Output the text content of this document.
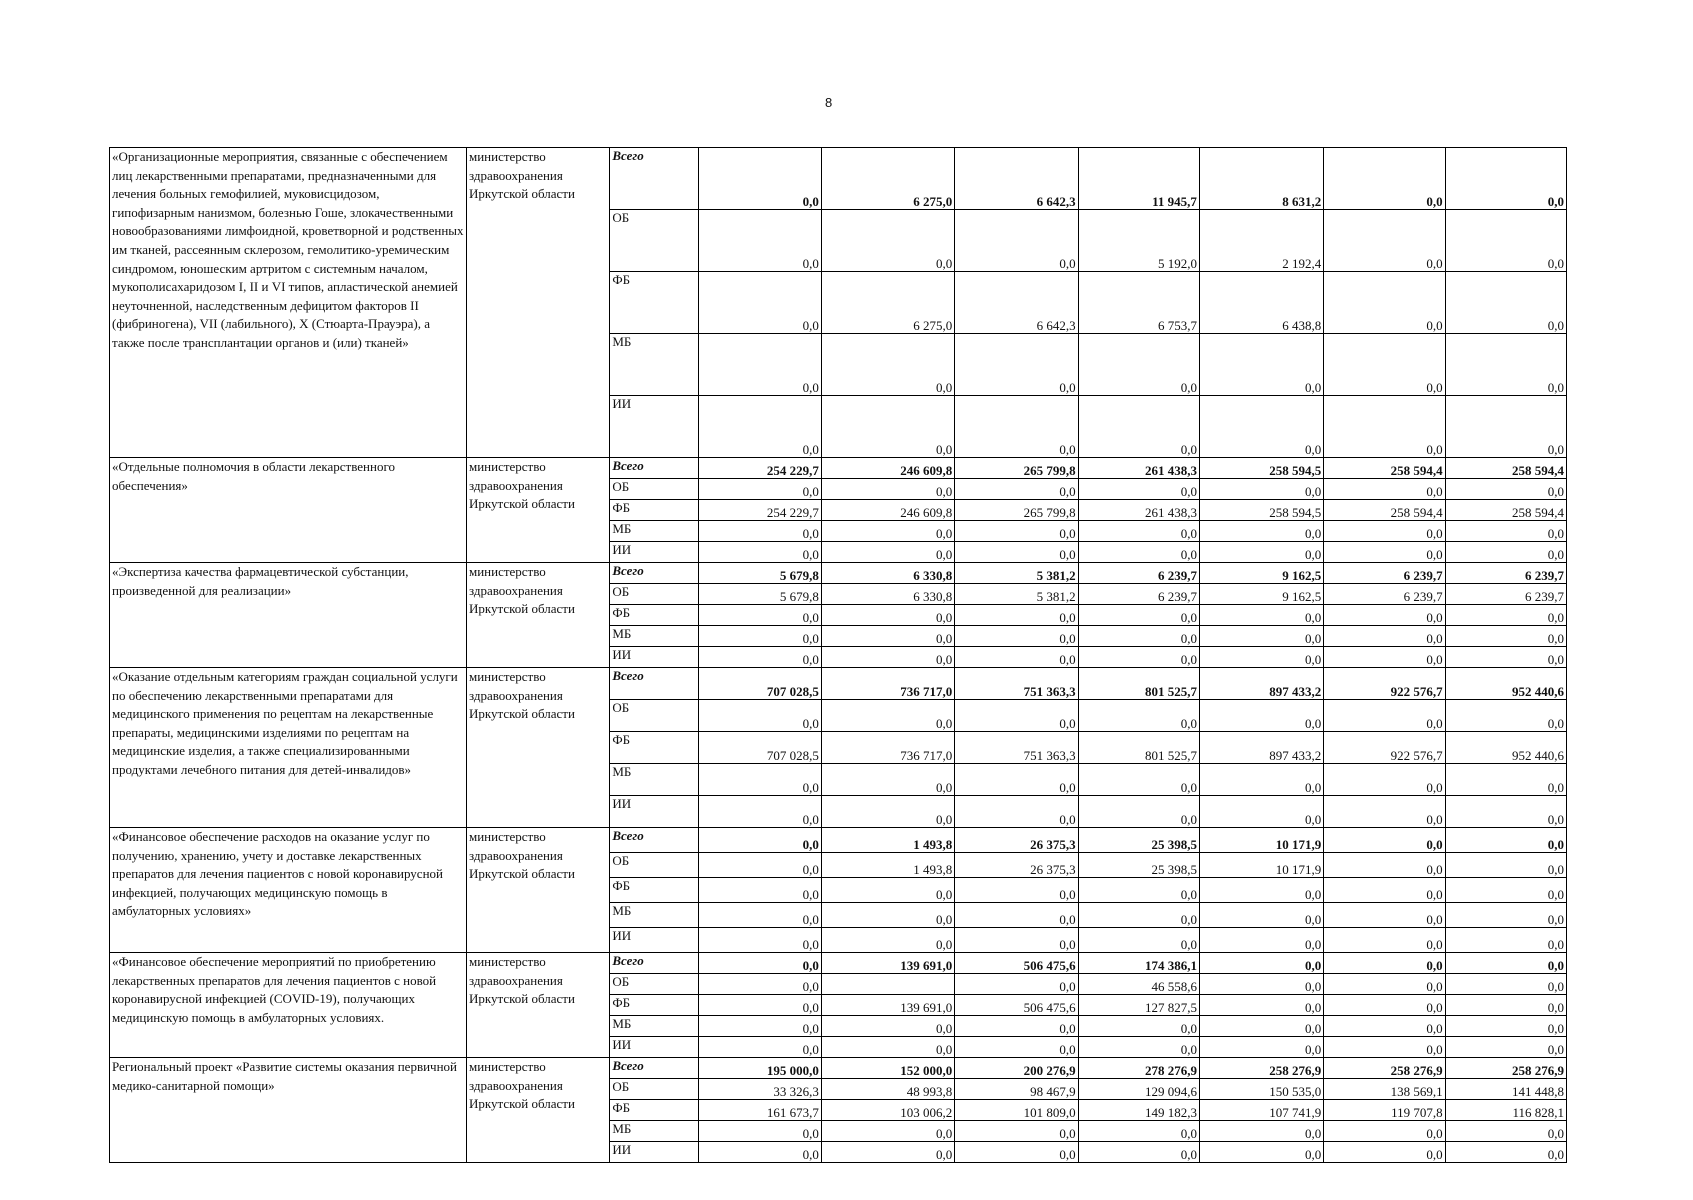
8
«Организационные мероприятия, связанные с обеспечением лиц лекарственными препаратами, предназначенными для лечения больных гемофилией, муковисцидозом, гипофизарным нанизмом, болезнью Гоше, злокачественными новообразованиями лимфоидной, кроветворной и родственных им тканей, рассеянным склерозом, гемолитико-уремическим синдромом, юношеским артритом с системным началом, мукополисахаридозом I, II и VI типов, апластической анемией неуточненной, наследственным дефицитом факторов II (фибриногена), VII (лабильного), X (Стюарта-Прауэра), а также после трансплантации органов и (или) тканей»	министерство здравоохранения Иркутской области	Всего	0,0	6 275,0	6 642,3	11 945,7	8 631,2	0,0	0,0
		ОБ	0,0	0,0	0,0	5 192,0	2 192,4	0,0	0,0
		ФБ	0,0	6 275,0	6 642,3	6 753,7	6 438,8	0,0	0,0
		МБ	0,0	0,0	0,0	0,0	0,0	0,0	0,0
		ИИ	0,0	0,0	0,0	0,0	0,0	0,0	0,0
«Отдельные полномочия в области лекарственного обеспечения»	министерство здравоохранения Иркутской области	Всего	254 229,7	246 609,8	265 799,8	261 438,3	258 594,5	258 594,4	258 594,4
		ОБ	0,0	0,0	0,0	0,0	0,0	0,0	0,0
		ФБ	254 229,7	246 609,8	265 799,8	261 438,3	258 594,5	258 594,4	258 594,4
		МБ	0,0	0,0	0,0	0,0	0,0	0,0	0,0
		ИИ	0,0	0,0	0,0	0,0	0,0	0,0	0,0
«Экспертиза качества фармацевтической субстанции, произведенной для реализации»	министерство здравоохранения Иркутской области	Всего	5 679,8	6 330,8	5 381,2	6 239,7	9 162,5	6 239,7	6 239,7
		ОБ	5 679,8	6 330,8	5 381,2	6 239,7	9 162,5	6 239,7	6 239,7
		ФБ	0,0	0,0	0,0	0,0	0,0	0,0	0,0
		МБ	0,0	0,0	0,0	0,0	0,0	0,0	0,0
		ИИ	0,0	0,0	0,0	0,0	0,0	0,0	0,0
«Оказание отдельным категориям граждан социальной услуги по обеспечению лекарственными препаратами для медицинского применения по рецептам на лекарственные препараты, медицинскими изделиями по рецептам на медицинские изделия, а также специализированными продуктами лечебного питания для детей-инвалидов»	министерство здравоохранения Иркутской области	Всего	707 028,5	736 717,0	751 363,3	801 525,7	897 433,2	922 576,7	952 440,6
		ОБ	0,0	0,0	0,0	0,0	0,0	0,0	0,0
		ФБ	707 028,5	736 717,0	751 363,3	801 525,7	897 433,2	922 576,7	952 440,6
		МБ	0,0	0,0	0,0	0,0	0,0	0,0	0,0
		ИИ	0,0	0,0	0,0	0,0	0,0	0,0	0,0
«Финансовое обеспечение расходов на оказание услуг по получению, хранению, учету и доставке лекарственных препаратов для лечения пациентов с новой коронавирусной инфекцией, получающих медицинскую помощь в амбулаторных условиях»	министерство здравоохранения Иркутской области	Всего	0,0	1 493,8	26 375,3	25 398,5	10 171,9	0,0	0,0
		ОБ	0,0	1 493,8	26 375,3	25 398,5	10 171,9	0,0	0,0
		ФБ	0,0	0,0	0,0	0,0	0,0	0,0	0,0
		МБ	0,0	0,0	0,0	0,0	0,0	0,0	0,0
		ИИ	0,0	0,0	0,0	0,0	0,0	0,0	0,0
«Финансовое обеспечение мероприятий по приобретению лекарственных препаратов для лечения пациентов с новой коронавирусной инфекцией (COVID-19), получающих медицинскую помощь в амбулаторных условиях.	министерство здравоохранения Иркутской области	Всего	0,0	139 691,0	506 475,6	174 386,1	0,0	0,0	0,0
		ОБ	0,0		0,0	46 558,6	0,0	0,0	0,0
		ФБ	0,0	139 691,0	506 475,6	127 827,5	0,0	0,0	0,0
		МБ	0,0	0,0	0,0	0,0	0,0	0,0	0,0
		ИИ	0,0	0,0	0,0	0,0	0,0	0,0	0,0
Региональный проект «Развитие системы оказания первичной медико-санитарной помощи»	министерство здравоохранения Иркутской области	Всего	195 000,0	152 000,0	200 276,9	278 276,9	258 276,9	258 276,9	258 276,9
		ОБ	33 326,3	48 993,8	98 467,9	129 094,6	150 535,0	138 569,1	141 448,8
		ФБ	161 673,7	103 006,2	101 809,0	149 182,3	107 741,9	119 707,8	116 828,1
		МБ	0,0	0,0	0,0	0,0	0,0	0,0	0,0
		ИИ	0,0	0,0	0,0	0,0	0,0	0,0	0,0
